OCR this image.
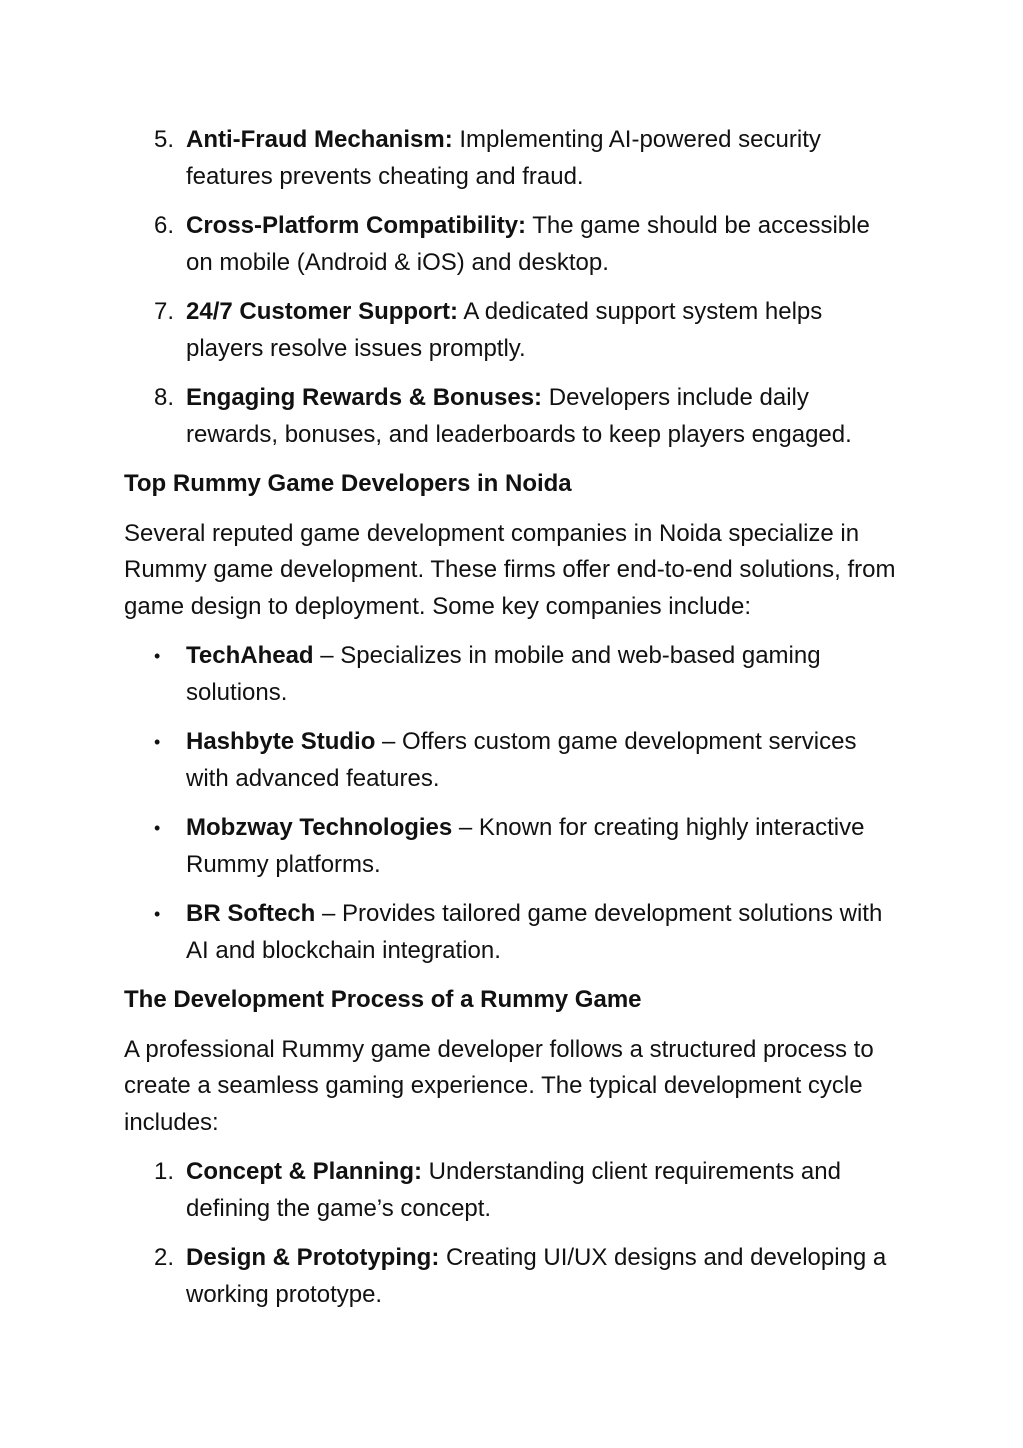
5. Anti-Fraud Mechanism: Implementing AI-powered security features prevents cheating and fraud.
6. Cross-Platform Compatibility: The game should be accessible on mobile (Android & iOS) and desktop.
7. 24/7 Customer Support: A dedicated support system helps players resolve issues promptly.
8. Engaging Rewards & Bonuses: Developers include daily rewards, bonuses, and leaderboards to keep players engaged.
Top Rummy Game Developers in Noida

Several reputed game development companies in Noida specialize in Rummy game development. These firms offer end-to-end solutions, from game design to deployment. Some key companies include:

• TechAhead – Specializes in mobile and web-based gaming solutions.
• Hashbyte Studio – Offers custom game development services with advanced features.
• Mobzway Technologies – Known for creating highly interactive Rummy platforms.
• BR Softech – Provides tailored game development solutions with AI and blockchain integration.
The Development Process of a Rummy Game

A professional Rummy game developer follows a structured process to create a seamless gaming experience. The typical development cycle includes:

1. Concept & Planning: Understanding client requirements and defining the game’s concept.
2. Design & Prototyping: Creating UI/UX designs and developing a working prototype.
